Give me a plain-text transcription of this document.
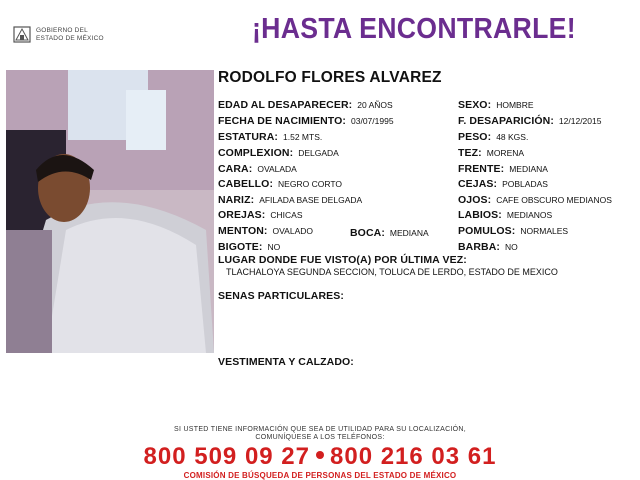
GOBIERNO DEL
ESTADO DE MÉXICO	¡HASTA ENCONTRARLE!
RODOLFO FLORES ALVAREZ
EDAD AL DESAPARECER: 20 AÑOS
FECHA DE NACIMIENTO: 03/07/1995
ESTATURA: 1.52 MTS.
COMPLEXION: DELGADA
CARA: OVALADA
CABELLO: NEGRO CORTO
NARIZ: AFILADA BASE DELGADA
OREJAS: CHICAS
MENTON: OVALADO
BIGOTE: NO
BOCA: MEDIANA
SEXO: HOMBRE
F. DESAPARICIÓN: 12/12/2015
PESO: 48 KGS.
TEZ: MORENA
FRENTE: MEDIANA
CEJAS: POBLADAS
OJOS: CAFE OBSCURO MEDIANOS
LABIOS: MEDIANOS
POMULOS: NORMALES
BARBA: NO
LUGAR DONDE FUE VISTO(A) POR ÚLTIMA VEZ:
TLACHALOYA SEGUNDA SECCION, TOLUCA DE LERDO, ESTADO DE MEXICO
SENAS PARTICULARES:
VESTIMENTA Y CALZADO:
SI USTED TIENE INFORMACIÓN QUE SEA DE UTILIDAD PARA SU LOCALIZACIÓN,
COMUNÍQUESE A LOS TELÉFONOS:
800 509 09 27 800 216 03 61
COMISIÓN DE BÚSQUEDA DE PERSONAS DEL ESTADO DE MÉXICO
